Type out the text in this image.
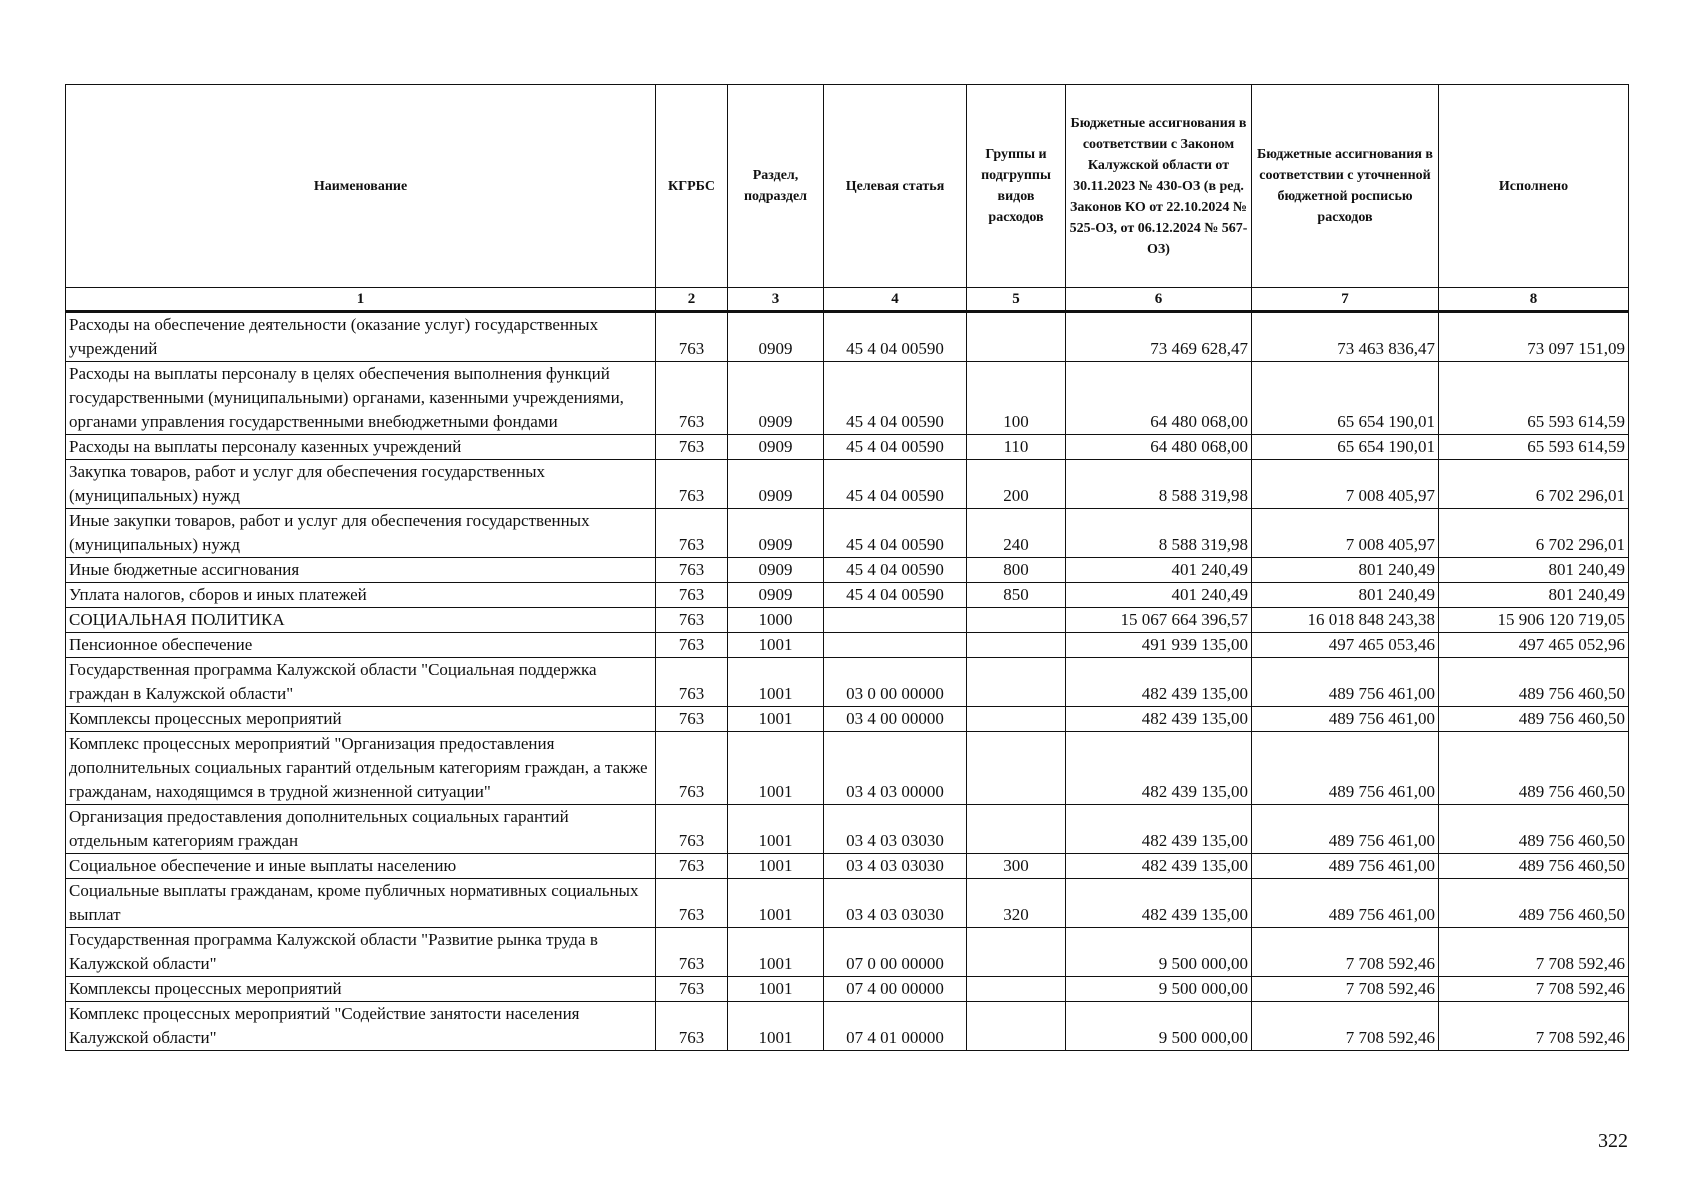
Наименование	КГРБС	Раздел, подраздел	Целевая статья	Группы и подгруппы видов расходов	Бюджетные ассигнования в соответствии с Законом Калужской области от 30.11.2023 № 430-ОЗ (в ред. Законов КО от 22.10.2024 № 525-ОЗ, от 06.12.2024 № 567-ОЗ)	Бюджетные ассигнования в соответствии с уточненной бюджетной росписью расходов	Исполнено
1	2	3	4	5	6	7	8
Расходы на обеспечение деятельности (оказание услуг) государственных учреждений	763	0909	45 4 04 00590		73 469 628,47	73 463 836,47	73 097 151,09
Расходы на выплаты персоналу в целях обеспечения выполнения функций государственными (муниципальными) органами, казенными учреждениями, органами управления государственными внебюджетными фондами	763	0909	45 4 04 00590	100	64 480 068,00	65 654 190,01	65 593 614,59
Расходы на выплаты персоналу казенных учреждений	763	0909	45 4 04 00590	110	64 480 068,00	65 654 190,01	65 593 614,59
Закупка товаров, работ и услуг для обеспечения государственных (муниципальных) нужд	763	0909	45 4 04 00590	200	8 588 319,98	7 008 405,97	6 702 296,01
Иные закупки товаров, работ и услуг для обеспечения государственных (муниципальных) нужд	763	0909	45 4 04 00590	240	8 588 319,98	7 008 405,97	6 702 296,01
Иные бюджетные ассигнования	763	0909	45 4 04 00590	800	401 240,49	801 240,49	801 240,49
Уплата налогов, сборов и иных платежей	763	0909	45 4 04 00590	850	401 240,49	801 240,49	801 240,49
СОЦИАЛЬНАЯ ПОЛИТИКА	763	1000			15 067 664 396,57	16 018 848 243,38	15 906 120 719,05
Пенсионное обеспечение	763	1001			491 939 135,00	497 465 053,46	497 465 052,96
Государственная программа Калужской области "Социальная поддержка граждан в Калужской области"	763	1001	03 0 00 00000		482 439 135,00	489 756 461,00	489 756 460,50
Комплексы процессных мероприятий	763	1001	03 4 00 00000		482 439 135,00	489 756 461,00	489 756 460,50
Комплекс процессных мероприятий "Организация предоставления дополнительных социальных гарантий отдельным категориям граждан, а также гражданам, находящимся в трудной жизненной ситуации"	763	1001	03 4 03 00000		482 439 135,00	489 756 461,00	489 756 460,50
Организация предоставления дополнительных социальных гарантий отдельным категориям граждан	763	1001	03 4 03 03030		482 439 135,00	489 756 461,00	489 756 460,50
Социальное обеспечение и иные выплаты населению	763	1001	03 4 03 03030	300	482 439 135,00	489 756 461,00	489 756 460,50
Социальные выплаты гражданам, кроме публичных нормативных социальных выплат	763	1001	03 4 03 03030	320	482 439 135,00	489 756 461,00	489 756 460,50
Государственная программа Калужской области "Развитие рынка труда в Калужской области"	763	1001	07 0 00 00000		9 500 000,00	7 708 592,46	7 708 592,46
Комплексы процессных мероприятий	763	1001	07 4 00 00000		9 500 000,00	7 708 592,46	7 708 592,46
Комплекс процессных мероприятий "Содействие занятости населения Калужской области"	763	1001	07 4 01 00000		9 500 000,00	7 708 592,46	7 708 592,46
322
